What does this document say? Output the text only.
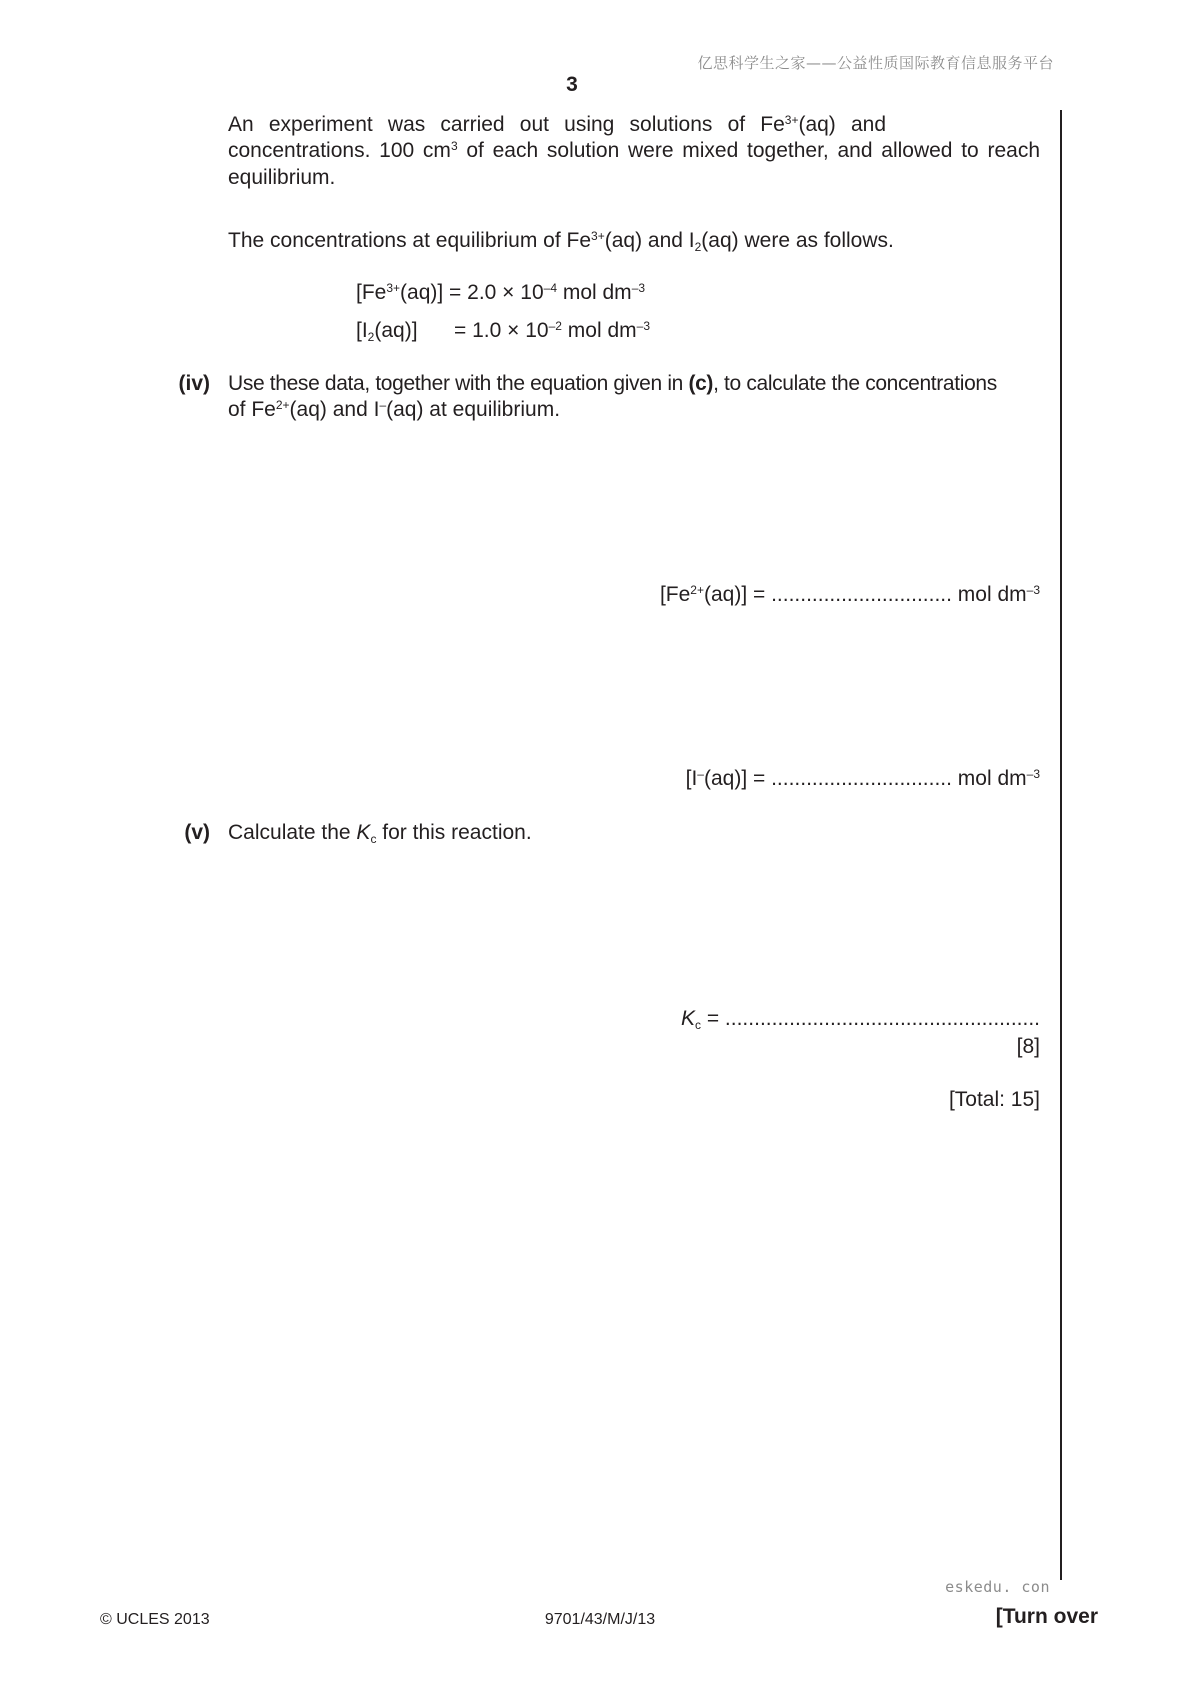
亿思科学生之家——公益性质国际教育信息服务平台
3
An experiment was carried out using solutions of $Fe^{3+}(aq)$ and
concentrations. 100 $cm^3$ of each solution were mixed together, and allowed to reach
equilibrium.
The concentrations at equilibrium of $Fe^{3+}(aq)$ and $I_2(aq)$ were as follows.
$[Fe^{3+}(aq)] = 2.0 \times 10^{-4}$ mol $dm^{-3}$
$[I_2(aq)] = 1.0 \times 10^{-2}$ mol $dm^{-3}$
(iv) Use these data, together with the equation given in (c), to calculate the concentrations
of $Fe^{2+}(aq)$ and I–(aq) at equilibrium.
$[Fe^{2+}(aq)]$ = ............................... mol $dm^{-3}$
[I–(aq)] = ............................... mol $dm^{-3}$
(v) Calculate the $K_c$ for this reaction.
$K_c$ = ......................................................
[8]
[Total: 15]
eskedu. con
© UCLES 2013	9701/43/M/J/13	[Turn over
